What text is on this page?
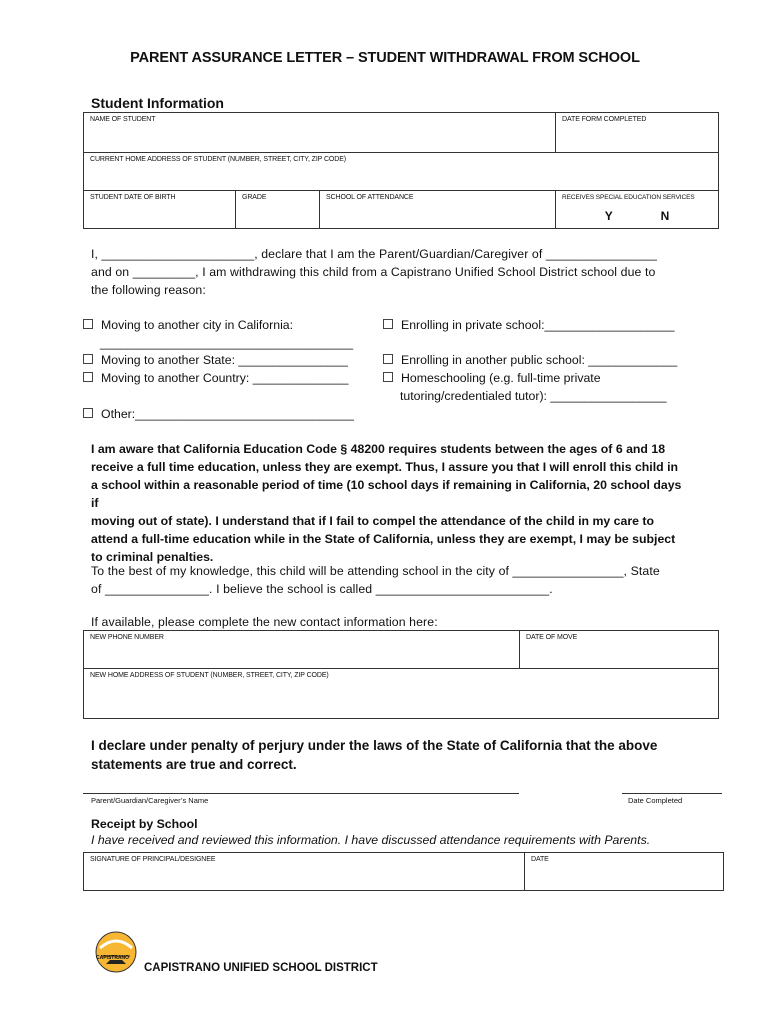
PARENT ASSURANCE LETTER – STUDENT WITHDRAWAL FROM SCHOOL
Student Information
NAME OF STUDENT			DATE FORM COMPLETED
CURRENT HOME ADDRESS OF STUDENT (NUMBER, STREET, CITY, ZIP CODE)			
STUDENT DATE OF BIRTH	GRADE	SCHOOL OF ATTENDANCE	RECEIVES SPECIAL EDUCATION SERVICES
Y N
I, ______________________, declare that I am the Parent/Guardian/Caregiver of ________________
and on _________, I am withdrawing this child from a Capistrano Unified School District school due to
the following reason:
Moving to another city in California:
_____________________________________
Moving to another State: ________________
Moving to another Country: ______________
Other:________________________________
Enrolling in private school:___________________
Enrolling in another public school: _____________
Homeschooling (e.g. full-time private
tutoring/credentialed tutor): _________________
I am aware that California Education Code § 48200 requires students between the ages of 6 and 18
receive a full time education, unless they are exempt. Thus, I assure you that I will enroll this child in
a school within a reasonable period of time (10 school days if remaining in California, 20 school days if
moving out of state). I understand that if I fail to compel the attendance of the child in my care to
attend a full-time education while in the State of California, unless they are exempt, I may be subject
to criminal penalties.
To the best of my knowledge, this child will be attending school in the city of ________________, State
of _______________. I believe the school is called _________________________.
If available, please complete the new contact information here:
NEW PHONE NUMBER	DATE OF MOVE
NEW HOME ADDRESS OF STUDENT (NUMBER, STREET, CITY, ZIP CODE)
I declare under penalty of perjury under the laws of the State of California that the above
statements are true and correct.
Parent/Guardian/Caregiver’s Name	Date Completed
Receipt by School
I have received and reviewed this information. I have discussed attendance requirements with Parents.
SIGNATURE OF PRINCIPAL/DESIGNEE	DATE
CAPISTRANO
CAPISTRANO UNIFIED SCHOOL DISTRICT
